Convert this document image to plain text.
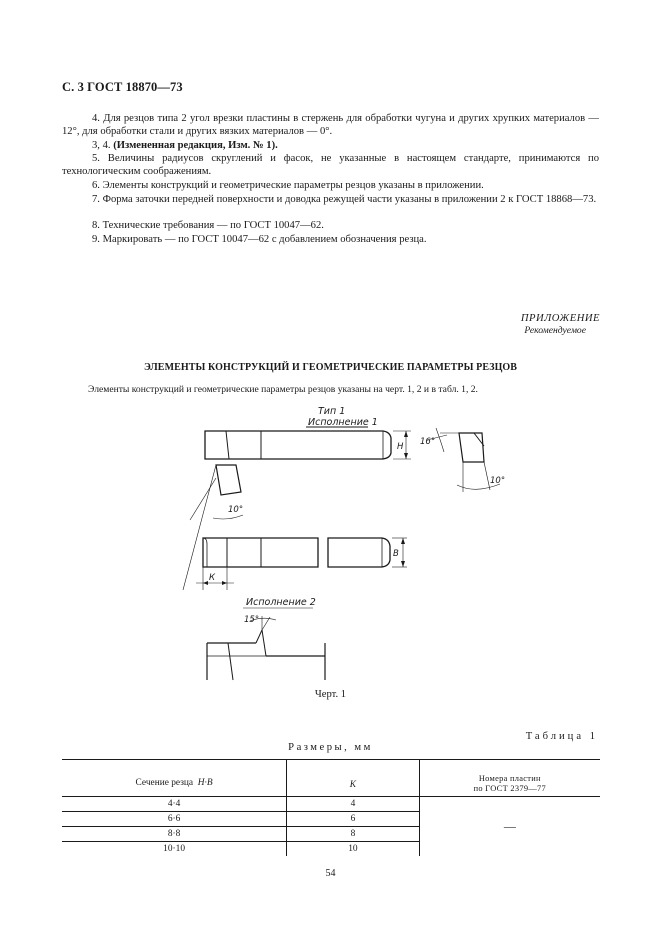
С. 3 ГОСТ 18870—73

4. Для резцов типа 2 угол врезки пластины в стержень для обработки чугуна и других хрупких материалов — 12°, для обработки стали и других вязких материалов — 0°.

3, 4. (Измененная редакция, Изм. № 1).

5. Величины радиусов скруглений и фасок, не указанные в настоящем стандарте, принимаются по технологическим соображениям.

6. Элементы конструкций и геометрические параметры резцов указаны в приложении.

7. Форма заточки передней поверхности и доводка режущей части указаны в приложении 2 к ГОСТ 18868—73.

8. Технические требования — по ГОСТ 10047—62.

9. Маркировать — по ГОСТ 10047—62 с добавлением обозначения резца.

ПРИЛОЖЕНИЕ
Рекомендуемое
ЭЛЕМЕНТЫ КОНСТРУКЦИЙ И ГЕОМЕТРИЧЕСКИЕ ПАРАМЕТРЫ РЕЗЦОВ
Элементы конструкций и геометрические параметры резцов указаны на черт. 1, 2 и в табл. 1, 2.
Тип 1
Исполнение 1
Н 16°
10°
10°
В
К
Исполнение 2
15°
Черт. 1
Таблица 1
Размеры, мм
Сечение резца Н·В	К	Номера пластин
по ГОСТ 2379—77

4·4	4	—
6·6	6	
8·8	8	
10·10	10	
54
